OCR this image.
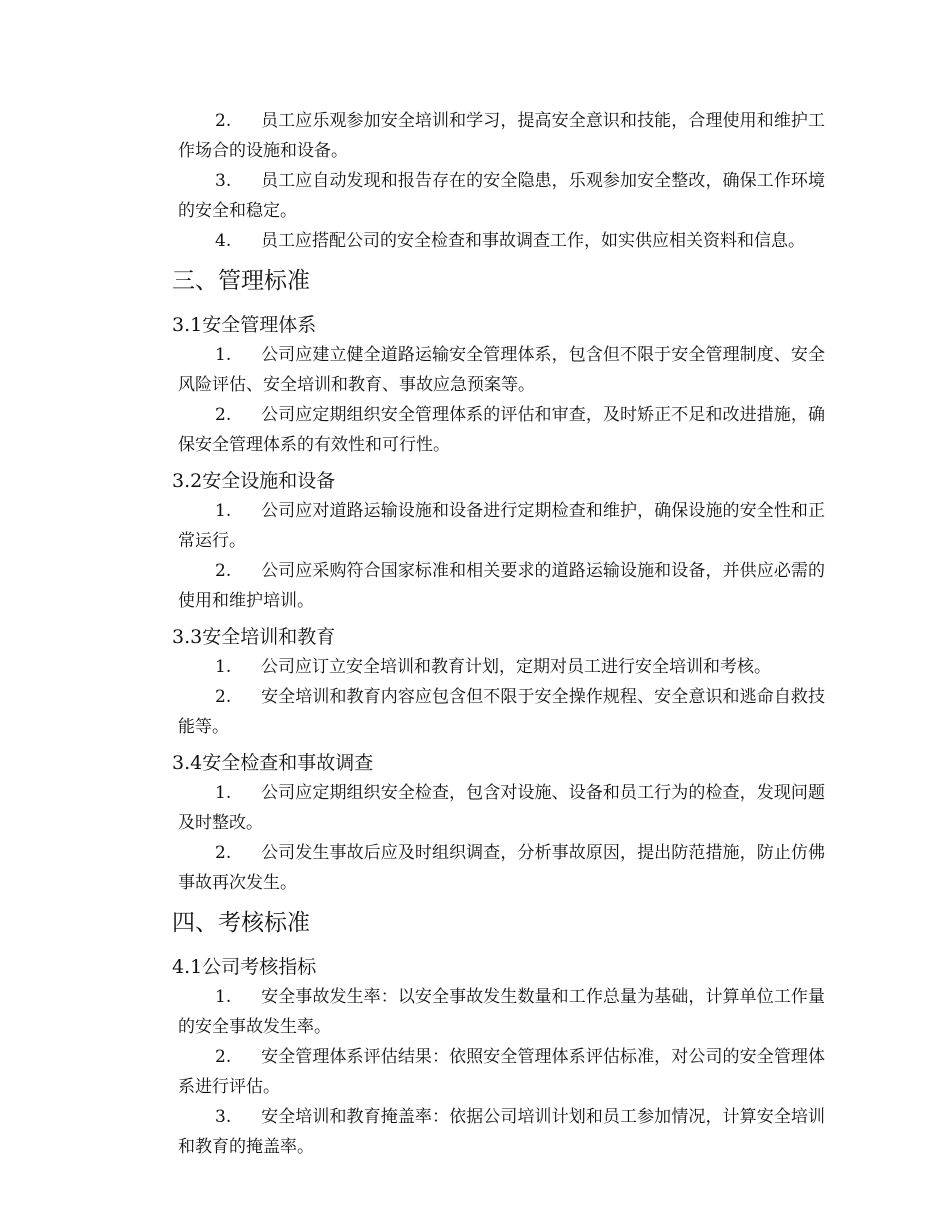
2. 员工应乐观参加安全培训和学习，提高安全意识和技能，合理使用和维护工作场合的设施和设备。

3. 员工应自动发现和报告存在的安全隐患，乐观参加安全整改，确保工作环境的安全和稳定。

4. 员工应搭配公司的安全检查和事故调查工作，如实供应相关资料和信息。

三、管理标准
3.1安全管理体系

1. 公司应建立健全道路运输安全管理体系，包含但不限于安全管理制度、安全风险评估、安全培训和教育、事故应急预案等。

2. 公司应定期组织安全管理体系的评估和审查，及时矫正不足和改进措施，确保安全管理体系的有效性和可行性。

3.2安全设施和设备

1. 公司应对道路运输设施和设备进行定期检查和维护，确保设施的安全性和正常运行。

2. 公司应采购符合国家标准和相关要求的道路运输设施和设备，并供应必需的使用和维护培训。

3.3安全培训和教育

1. 公司应订立安全培训和教育计划，定期对员工进行安全培训和考核。

2. 安全培训和教育内容应包含但不限于安全操作规程、安全意识和逃命自救技能等。

3.4安全检查和事故调查

1. 公司应定期组织安全检查，包含对设施、设备和员工行为的检查，发现问题及时整改。

2. 公司发生事故后应及时组织调查，分析事故原因，提出防范措施，防止仿佛事故再次发生。

四、考核标准
4.1公司考核指标

1. 安全事故发生率：以安全事故发生数量和工作总量为基础，计算单位工作量的安全事故发生率。

2. 安全管理体系评估结果：依照安全管理体系评估标准，对公司的安全管理体系进行评估。

3. 安全培训和教育掩盖率：依据公司培训计划和员工参加情况，计算安全培训和教育的掩盖率。
